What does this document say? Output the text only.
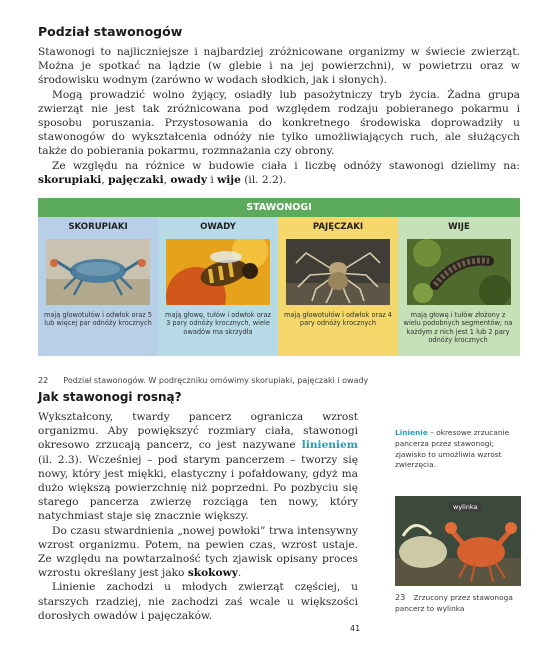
Podział stawonogów

Stawonogi to najliczniejsze i najbardziej zróżnicowane organizmy w świecie zwierząt. Można je spotkać na lądzie (w glebie i na jej powierzchni), w powietrzu oraz w środowisku wodnym (zarówno w wodach słodkich, jak i słonych).

Mogą prowadzić wolno żyjący, osiadły lub pasożytniczy tryb życia. Żadna grupa zwierząt nie jest tak zróżnicowana pod względem rodzaju pobieranego pokarmu i sposobu poruszania. Przystosowania do konkretnego środowiska doprowadziły u stawonogów do wykształcenia odnóży nie tylko umożliwiających ruch, ale służących także do pobierania pokarmu, rozmnażania czy obrony.

Ze względu na różnice w budowie ciała i liczbę odnóży stawonogi dzielimy na: skorupiaki, pajęczaki, owady i wije (il. 2.2).

STAWONOGI
SKORUPIAKI
mają głowotułów i odwłok oraz 5 lub więcej par odnóży krocznych
OWADY
mają głowę, tułów i odwłok oraz 3 pary odnóży krocznych, wiele owadów ma skrzydła
PAJĘCZAKI
mają głowotułów i odwłok oraz 4 pary odnóży krocznych
WIJE
mają głowę i tułów złożony z wielu podobnych segmentów; na każdym z nich jest 1 lub 2 pary odnóży krocznych
22 Podział stawonogów. W podręczniku omówimy skorupiaki, pajęczaki i owady
Jak stawonogi rosną?

Wykształcony, twardy pancerz ogranicza wzrost organizmu. Aby powiększyć rozmiary ciała, stawonogi okresowo zrzucają pancerz, co jest nazywane linieniem (il. 2.3). Wcześniej – pod starym pancerzem – tworzy się nowy, który jest miękki, elastyczny i pofałdowany, gdyż ma dużo większą powierzchnię niż poprzedni. Po pozbyciu się starego pancerza zwierzę rozciąga ten nowy, który natychmiast staje się znacznie większy.

Do czasu stwardnienia „nowej powłoki” trwa intensywny wzrost organizmu. Potem, na pewien czas, wzrost ustaje. Ze względu na powtarzalność tych zjawisk opisany proces wzrostu określany jest jako skokowy.

Linienie zachodzi u młodych zwierząt częściej, u starszych rzadziej, nie zachodzi zaś wcale u większości dorosłych owadów i pajęczaków.

Linienie – okresowe zrzucanie pancerza przez stawonogi; zjawisko to umożliwia wzrost zwierzęcia.
wylinka
23 Zrzucony przez stawonoga pancerz to wylinka
41
